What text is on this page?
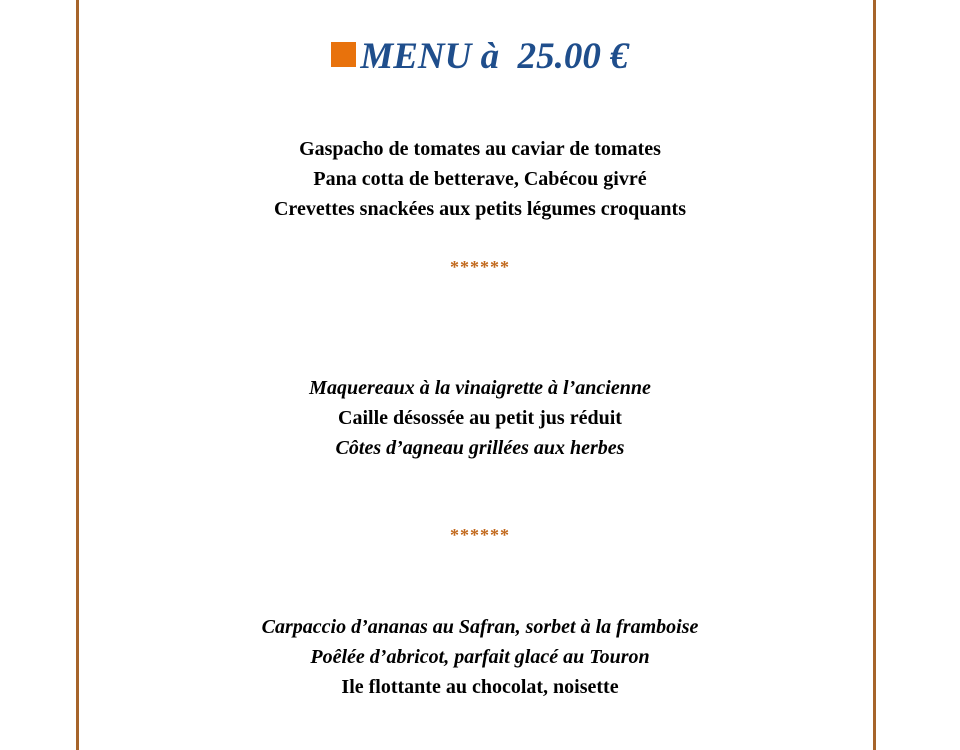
MENU à  25.00 €
Gaspacho de tomates au caviar de tomates
Pana cotta de betterave, Cabécou givré
Crevettes snackées aux petits légumes croquants
******
Maquereaux à la vinaigrette à l’ancienne
Caille désossée au petit jus réduit
Côtes d’agneau grillées aux herbes
******
Carpaccio d’ananas au Safran, sorbet à la framboise
Poêlée d’abricot, parfait glacé au Touron
Ile flottante au chocolat, noisette
